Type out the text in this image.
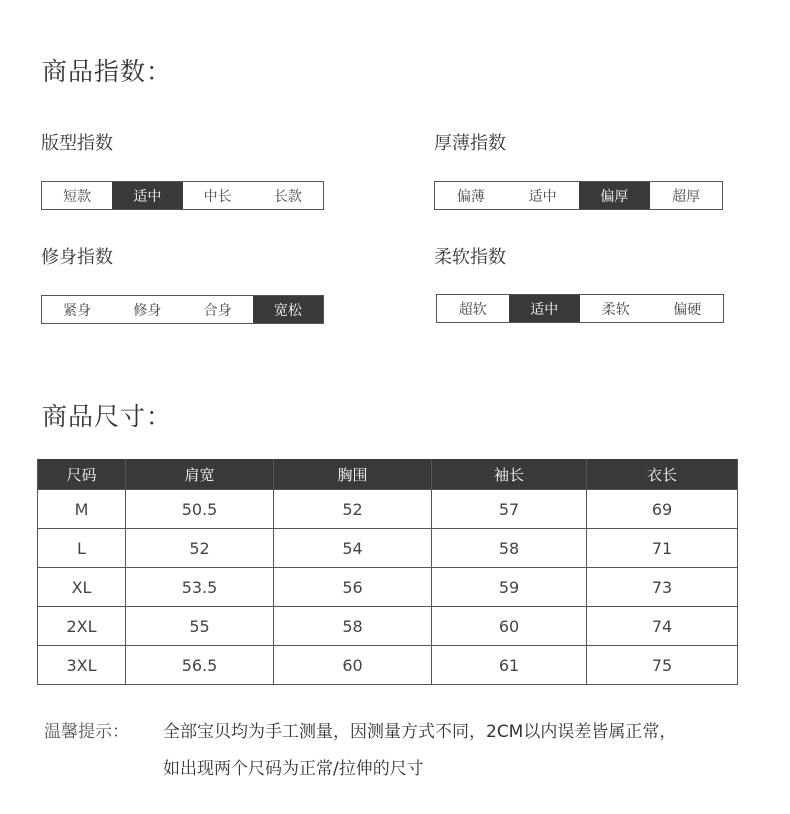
商品指数：
版型指数
短款	适中	中长	长款
厚薄指数
偏薄	适中	偏厚	超厚
修身指数
紧身	修身	合身	宽松
柔软指数
超软	适中	柔软	偏硬
商品尺寸：
尺码	肩宽	胸围	袖长	衣长
M	50.5	52	57	69
L	52	54	58	71
XL	53.5	56	59	73
2XL	55	58	60	74
3XL	56.5	60	61	75
温馨提示： 全部宝贝均为手工测量，因测量方式不同，2CM以内误差皆属正常，
如出现两个尺码为正常/拉伸的尺寸
